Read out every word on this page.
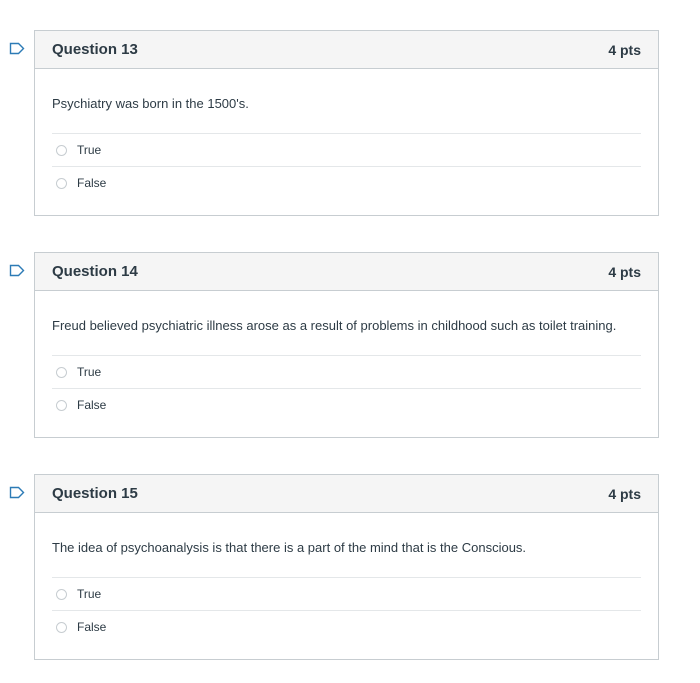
Question 13	4 pts
Psychiatry was born in the 1500's.
True
False
Question 14	4 pts
Freud believed psychiatric illness arose as a result of problems in childhood such as toilet training.
True
False
Question 15	4 pts
The idea of psychoanalysis is that there is a part of the mind that is the Conscious.
True
False
